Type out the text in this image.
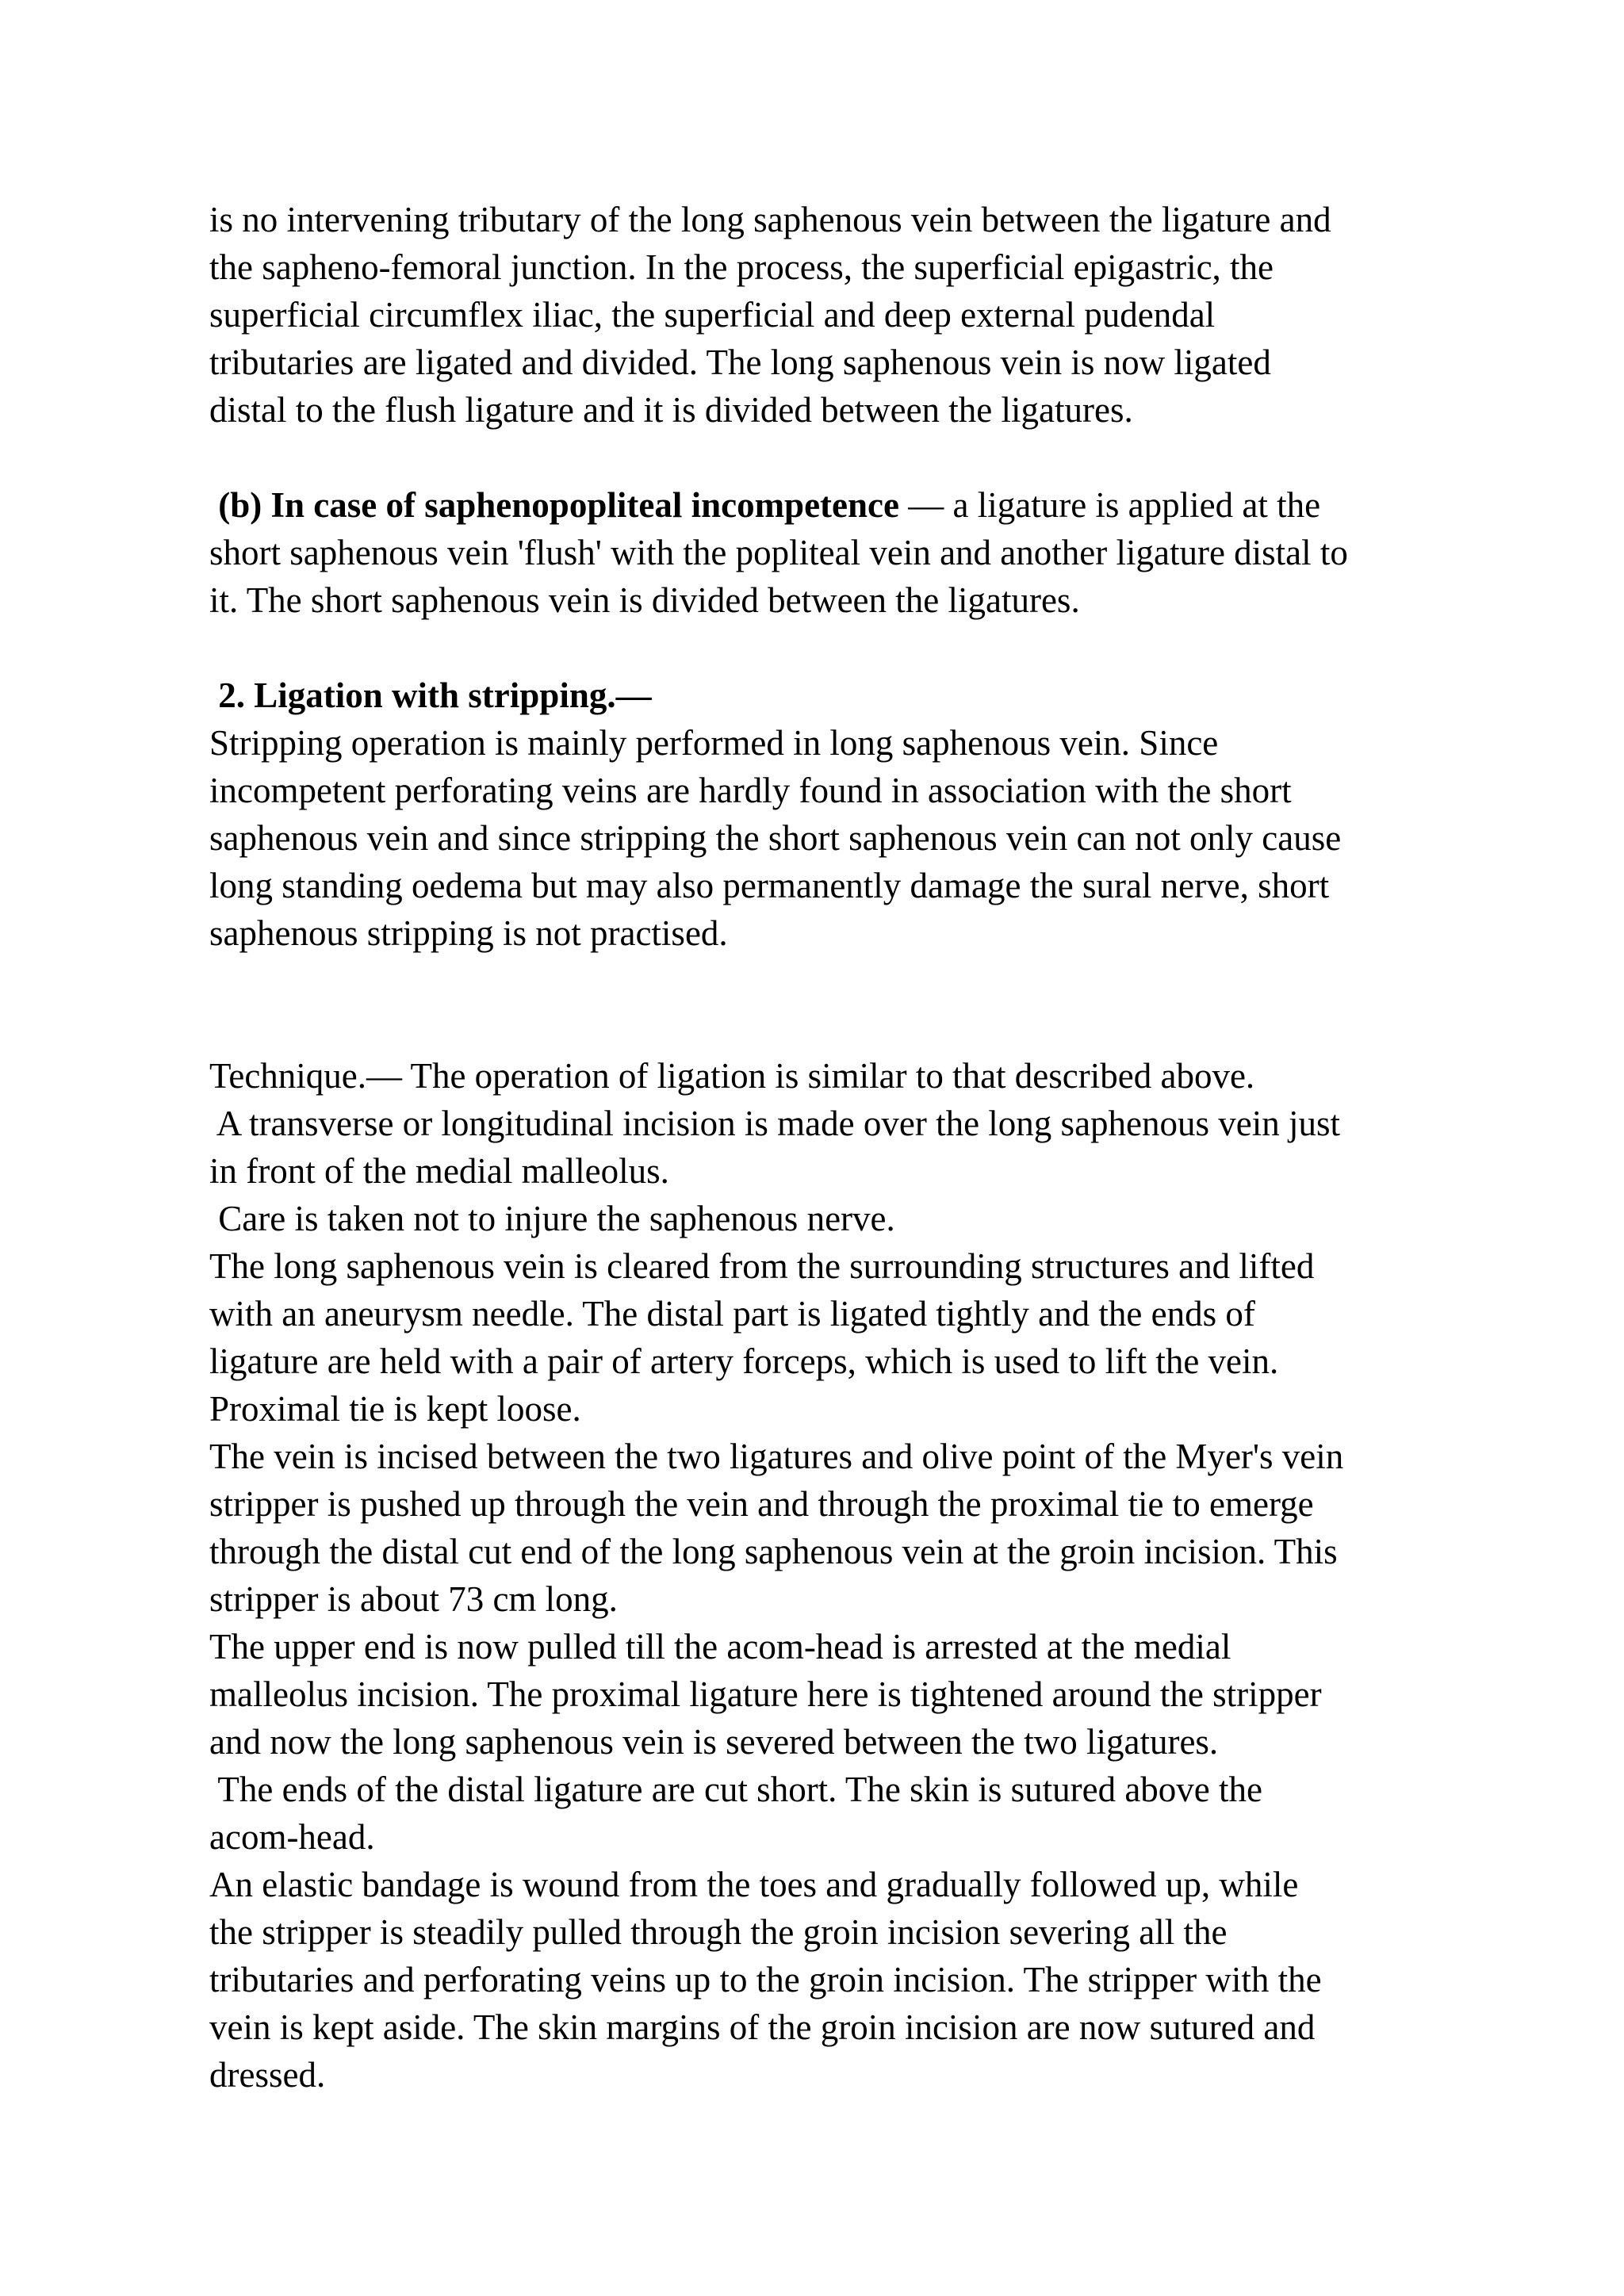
is no intervening tributary of the long saphenous vein between the ligature and
the sapheno-femoral junction. In the process, the superficial epigastric, the
superficial circumflex iliac, the superficial and deep external pudendal
tributaries are ligated and divided. The long saphenous vein is now ligated
distal to the flush ligature and it is divided between the ligatures.
(b) In case of saphenopopliteal incompetence — a ligature is applied at the
short saphenous vein 'flush' with the popliteal vein and another ligature distal to
it. The short saphenous vein is divided between the ligatures.
2. Ligation with stripping.—
Stripping operation is mainly performed in long saphenous vein. Since
incompetent perforating veins are hardly found in association with the short
saphenous vein and since stripping the short saphenous vein can not only cause
long standing oedema but may also permanently damage the sural nerve, short
saphenous stripping is not practised.
Technique.— The operation of ligation is similar to that described above.
A transverse or longitudinal incision is made over the long saphenous vein just
in front of the medial malleolus.
Care is taken not to injure the saphenous nerve.
The long saphenous vein is cleared from the surrounding structures and lifted
with an aneurysm needle. The distal part is ligated tightly and the ends of
ligature are held with a pair of artery forceps, which is used to lift the vein.
Proximal tie is kept loose.
The vein is incised between the two ligatures and olive point of the Myer's vein
stripper is pushed up through the vein and through the proximal tie to emerge
through the distal cut end of the long saphenous vein at the groin incision. This
stripper is about 73 cm long.
The upper end is now pulled till the acom-head is arrested at the medial
malleolus incision. The proximal ligature here is tightened around the stripper
and now the long saphenous vein is severed between the two ligatures.
The ends of the distal ligature are cut short. The skin is sutured above the
acom-head.
An elastic bandage is wound from the toes and gradually followed up, while
the stripper is steadily pulled through the groin incision severing all the
tributaries and perforating veins up to the groin incision. The stripper with the
vein is kept aside. The skin margins of the groin incision are now sutured and
dressed.
